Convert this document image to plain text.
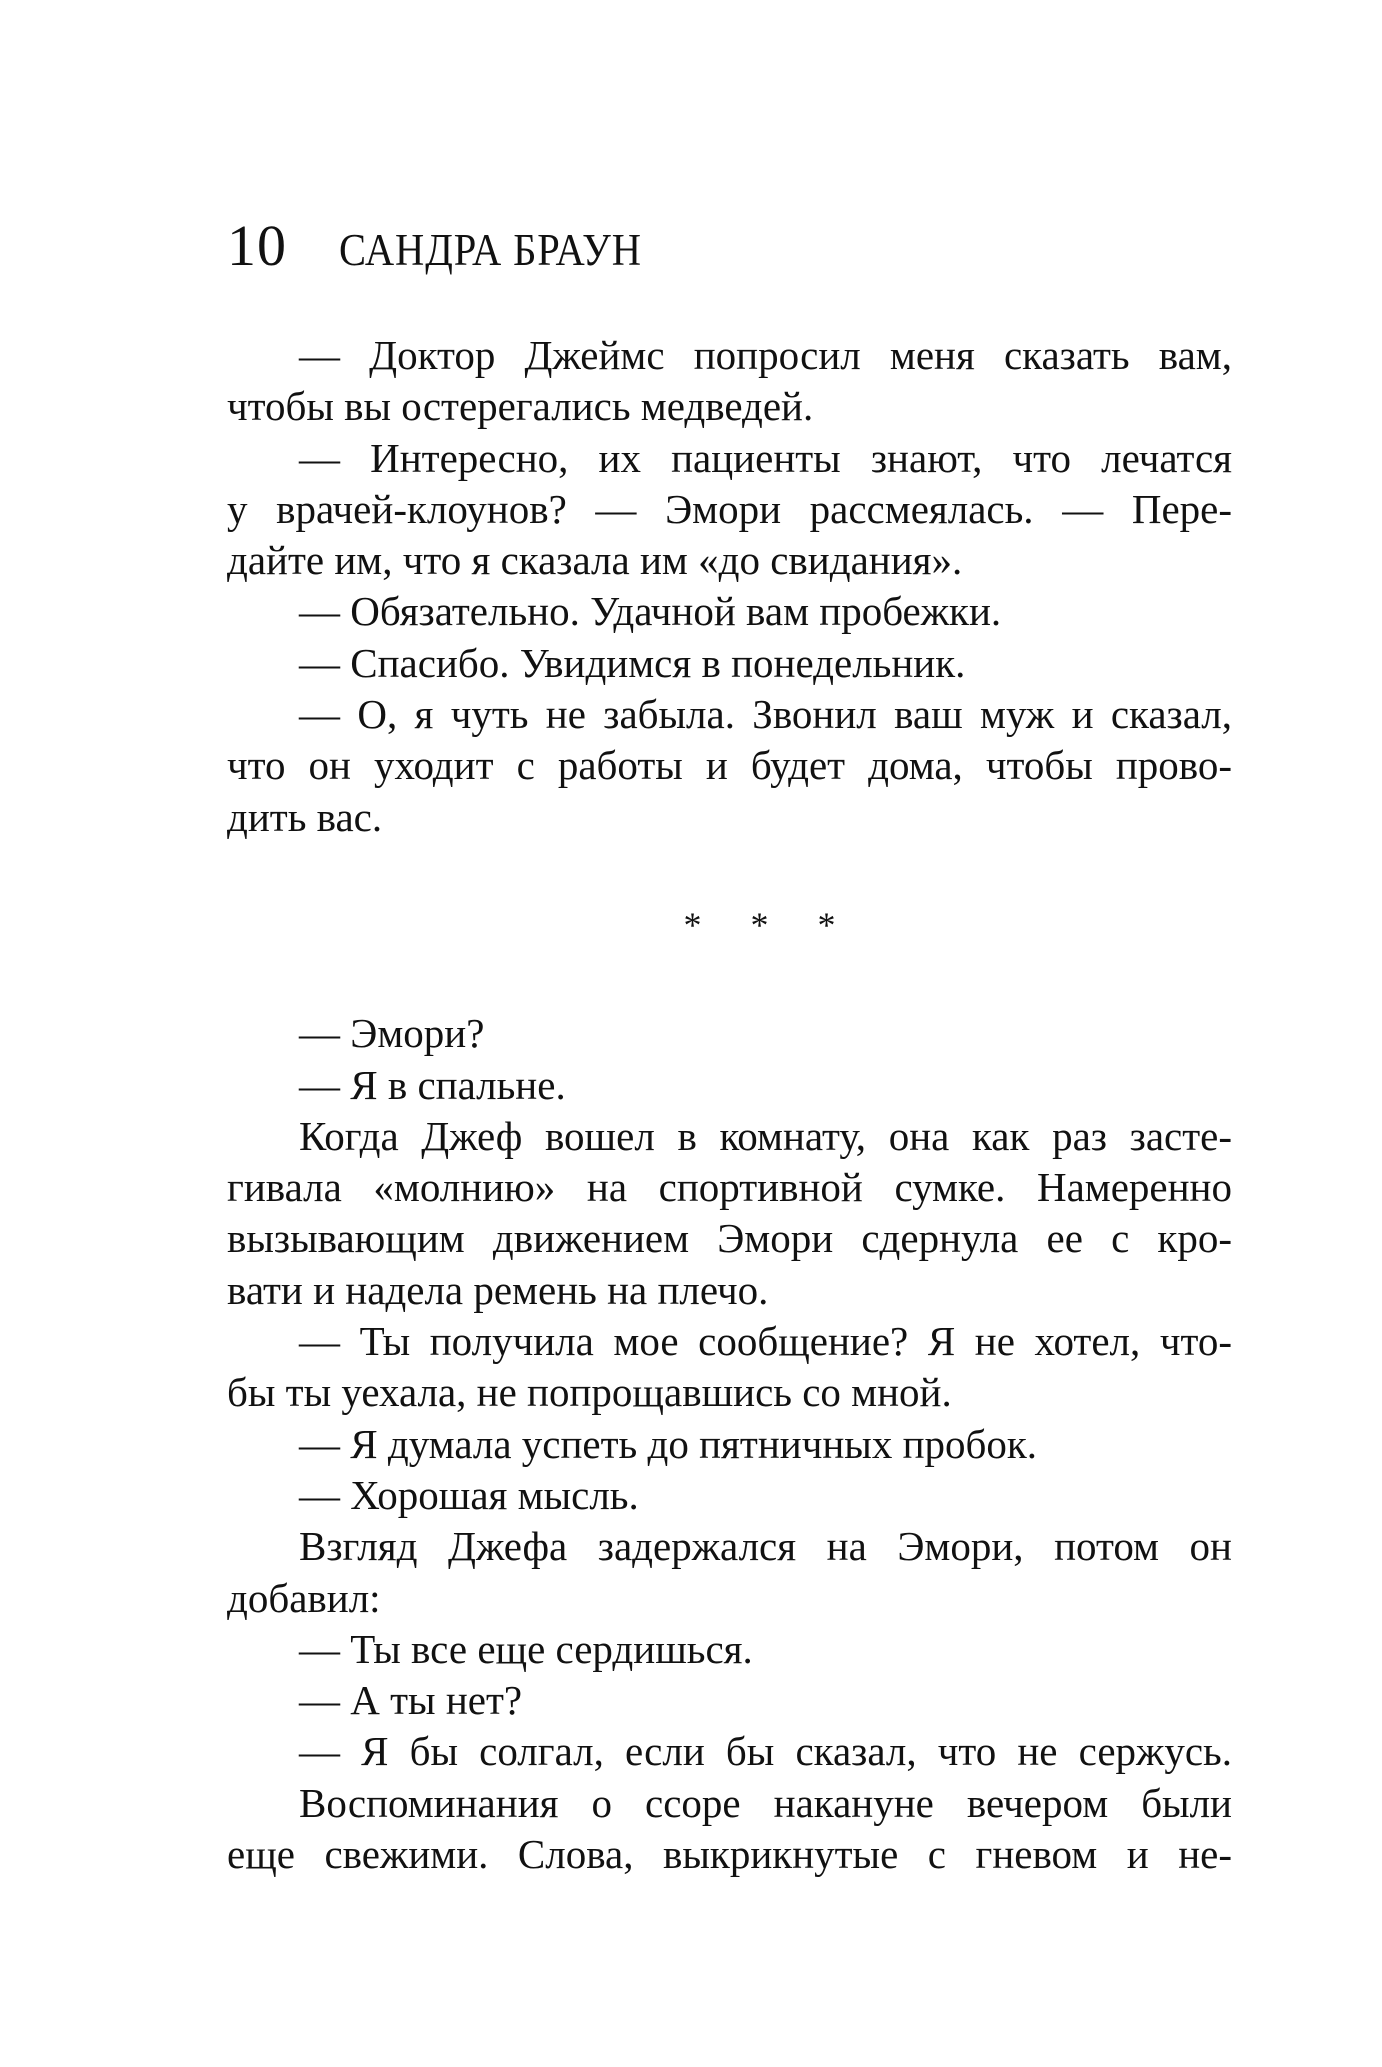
10 САНДРА БРАУН
— Доктор Джеймс попросил меня сказать вам,
чтобы вы остерегались медведей.
— Интересно, их пациенты знают, что лечатся
у врачей-клоунов? — Эмори рассмеялась. — Пере-
дайте им, что я сказала им «до свидания».
— Обязательно. Удачной вам пробежки.
— Спасибо. Увидимся в понедельник.
— О, я чуть не забыла. Звонил ваш муж и сказал,
что он уходит с работы и будет дома, чтобы прово-
дить вас.
* * *
— Эмори?
— Я в спальне.
Когда Джеф вошел в комнату, она как раз засте-
гивала «молнию» на спортивной сумке. Намеренно
вызывающим движением Эмори сдернула ее с кро-
вати и надела ремень на плечо.
— Ты получила мое сообщение? Я не хотел, что-
бы ты уехала, не попрощавшись со мной.
— Я думала успеть до пятничных пробок.
— Хорошая мысль.
Взгляд Джефа задержался на Эмори, потом он
добавил:
— Ты все еще сердишься.
— А ты нет?
— Я бы солгал, если бы сказал, что не сержусь.
Воспоминания о ссоре накануне вечером были
еще свежими. Слова, выкрикнутые с гневом и не-
